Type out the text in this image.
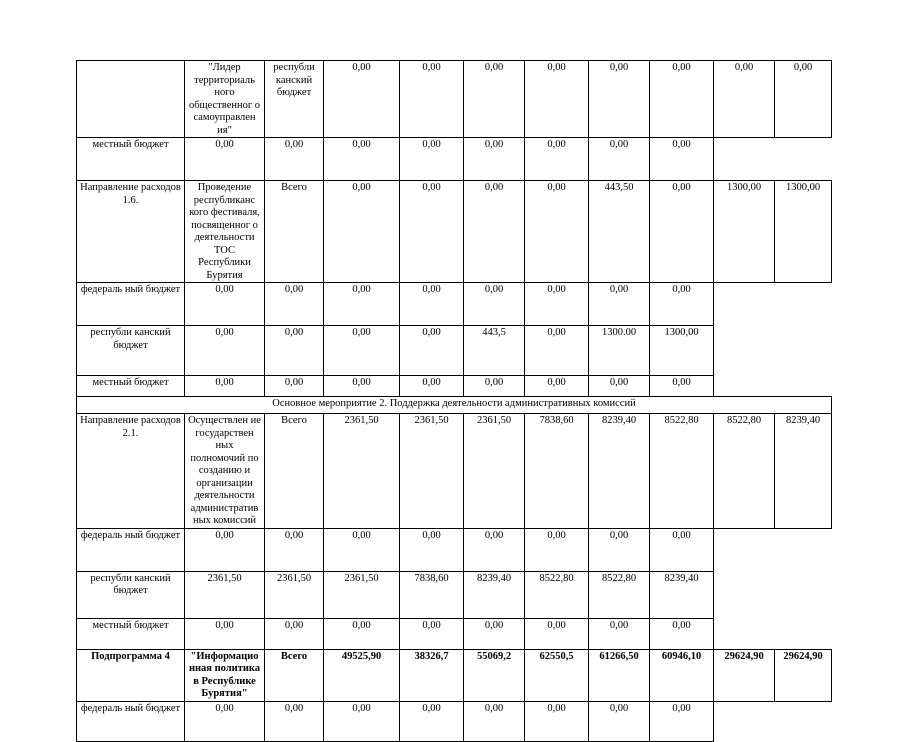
	"Лидер территориаль ного общественног о самоуправлен ия"	республи канский бюджет	0,00	0,00	0,00	0,00	0,00	0,00	0,00	0,00
местный бюджет	0,00	0,00	0,00	0,00	0,00	0,00	0,00	0,00		
Направление расходов 1.6.	Проведение республиканс кого фестиваля, посвященног о деятельности ТОС Республики Бурятия	Всего	0,00	0,00	0,00	0,00	443,50	0,00	1300,00	1300,00
федераль ный бюджет	0,00	0,00	0,00	0,00	0,00	0,00	0,00	0,00		
республи канский бюджет	0,00	0,00	0,00	0,00	443,5	0,00	1300.00	1300,00		
местный бюджет	0,00	0,00	0,00	0,00	0,00	0,00	0,00	0,00		
Основное мероприятие 2. Поддержка деятельности административных комиссий										
Направление расходов 2.1.	Осуществлен ие государствен ных полномочий по созданию и организации деятельности административ ных комиссий	Всего	2361,50	2361,50	2361,50	7838,60	8239,40	8522,80	8522,80	8239,40
федераль ный бюджет	0,00	0,00	0,00	0,00	0,00	0,00	0,00	0,00		
республи канский бюджет	2361,50	2361,50	2361,50	7838,60	8239,40	8522,80	8522,80	8239,40		
местный бюджет	0,00	0,00	0,00	0,00	0,00	0,00	0,00	0,00		
Подпрограмма 4	"Информацио нная политика в Республике Бурятия"	Всего	49525,90	38326,7	55069,2	62550,5	61266,50	60946,10	29624,90	29624,90
федераль ный бюджет	0,00	0,00	0,00	0,00	0,00	0,00	0,00	0,00		
